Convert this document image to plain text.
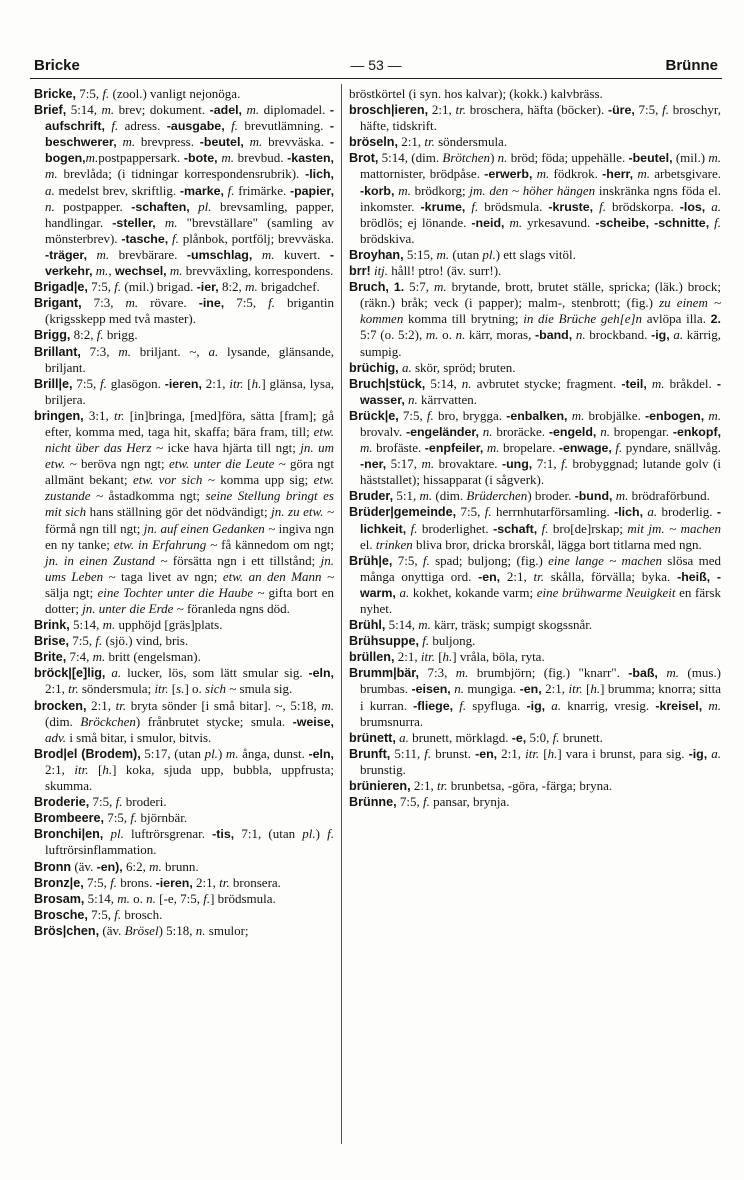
Bricke	— 53 —	Brünne

Bricke, 7:5, f. (zool.) vanligt nejonöga.

Brief, 5:14, m. brev; dokument. -adel, m. diplomadel. -aufschrift, f. adress. -ausgabe, f. brevutlämning. -beschwerer, m. brevpress. -beutel, m. brevväska. -bogen,m.postpappersark. -bote, m. brevbud. -kasten, m. brevlåda; (i tidningar korrespondensrubrik). -lich, a. medelst brev, skriftlig. -marke, f. frimärke. -papier, n. postpapper. -schaften, pl. brevsamling, papper, handlingar. -steller, m. "brevställare" (samling av mönsterbrev). -tasche, f. plånbok, portfölj; brevväska. -träger, m. brevbärare. -umschlag, m. kuvert. -verkehr, m., wechsel, m. brevväxling, korrespondens.

Brigad|e, 7:5, f. (mil.) brigad. -ier, 8:2, m. brigadchef.

Brigant, 7:3, m. rövare. -ine, 7:5, f. brigantin (krigsskepp med två master).

Brigg, 8:2, f. brigg.

Brillant, 7:3, m. briljant. ~, a. lysande, glänsande, briljant.

Brill|e, 7:5, f. glasögon. -ieren, 2:1, itr. [h.] glänsa, lysa, briljera.

bringen, 3:1, tr. [in]bringa, [med]föra, sätta [fram]; gå efter, komma med, taga hit, skaffa; bära fram, till; etw. nicht über das Herz ~ icke hava hjärta till ngt; jn. um etw. ~ beröva ngn ngt; etw. unter die Leute ~ göra ngt allmänt bekant; etw. vor sich ~ komma upp sig; etw. zustande ~ åstadkomma ngt; seine Stellung bringt es mit sich hans ställning gör det nödvändigt; jn. zu etw. ~ förmå ngn till ngt; jn. auf einen Gedanken ~ ingiva ngn en ny tanke; etw. in Erfahrung ~ få kännedom om ngt; jn. in einen Zustand ~ försätta ngn i ett tillstånd; jn. ums Leben ~ taga livet av ngn; etw. an den Mann ~ sälja ngt; eine Tochter unter die Haube ~ gifta bort en dotter; jn. unter die Erde ~ föranleda ngns död.

Brink, 5:14, m. upphöjd [gräs]plats.

Brise, 7:5, f. (sjö.) vind, bris.

Brite, 7:4, m. britt (engelsman).

bröck|[e]lig, a. lucker, lös, som lätt smular sig. -eln, 2:1, tr. söndersmula; itr. [s.] o. sich ~ smula sig.

brocken, 2:1, tr. bryta sönder [i små bitar]. ~, 5:18, m. (dim. Bröckchen) frånbrutet stycke; smula. -weise, adv. i små bitar, i smulor, bitvis.

Brod|el (Brodem), 5:17, (utan pl.) m. ånga, dunst. -eln, 2:1, itr. [h.] koka, sjuda upp, bubbla, uppfrusta; skumma.

Broderie, 7:5, f. broderi.

Brombeere, 7:5, f. björnbär.

Bronchi|en, pl. luftrörsgrenar. -tis, 7:1, (utan pl.) f. luftrörsinflammation.

Bronn (äv. -en), 6:2, m. brunn.

Bronz|e, 7:5, f. brons. -ieren, 2:1, tr. bronsera.

Brosam, 5:14, m. o. n. [-e, 7:5, f.] brödsmula.

Brosche, 7:5, f. brosch.

Brös|chen, (äv. Brösel) 5:18, n. smulor;

bröstkörtel (i syn. hos kalvar); (kokk.) kalvbräss.

brosch|ieren, 2:1, tr. broschera, häfta (böcker). -üre, 7:5, f. broschyr, häfte, tidskrift.

bröseln, 2:1, tr. söndersmula.

Brot, 5:14, (dim. Brötchen) n. bröd; föda; uppehälle. -beutel, (mil.) m. mattornister, brödpåse. -erwerb, m. födkrok. -herr, m. arbetsgivare. -korb, m. brödkorg; jm. den ~ höher hängen inskränka ngns föda el. inkomster. -krume, f. brödsmula. -kruste, f. brödskorpa. -los, a. brödlös; ej lönande. -neid, m. yrkesavund. -scheibe, -schnitte, f. brödskiva.

Broyhan, 5:15, m. (utan pl.) ett slags vitöl.

brr! itj. håll! ptro! (äv. surr!).

Bruch, 1. 5:7, m. brytande, brott, brutet ställe, spricka; (läk.) brock; (räkn.) bråk; veck (i papper); malm-, stenbrott; (fig.) zu einem ~ kommen komma till brytning; in die Brüche geh[e]n avlöpa illa. 2. 5:7 (o. 5:2), m. o. n. kärr, moras, -band, n. brockband. -ig, a. kärrig, sumpig.

brüchig, a. skör, spröd; bruten.

Bruch|stück, 5:14, n. avbrutet stycke; fragment. -teil, m. bråkdel. -wasser, n. kärrvatten.

Brück|e, 7:5, f. bro, brygga. -enbalken, m. brobjälke. -enbogen, m. brovalv. -engeländer, n. broräcke. -engeld, n. bropengar. -enkopf, m. brofäste. -enpfeiler, m. bropelare. -enwage, f. pyndare, snällvåg. -ner, 5:17, m. brovaktare. -ung, 7:1, f. brobyggnad; lutande golv (i häststallet); hissapparat (i sågverk).

Bruder, 5:1, m. (dim. Brüderchen) broder. -bund, m. brödraförbund.

Brüder|gemeinde, 7:5, f. herrnhutarförsamling. -lich, a. broderlig. -lichkeit, f. broderlighet. -schaft, f. bro[de]rskap; mit jm. ~ machen el. trinken bliva bror, dricka brorskål, lägga bort titlarna med ngn.

Brüh|e, 7:5, f. spad; buljong; (fig.) eine lange ~ machen slösa med många onyttiga ord. -en, 2:1, tr. skålla, förvälla; byka. -heiß, -warm, a. kokhet, kokande varm; eine brühwarme Neuigkeit en färsk nyhet.

Brühl, 5:14, m. kärr, träsk; sumpigt skogssnår.

Brühsuppe, f. buljong.

brüllen, 2:1, itr. [h.] vråla, böla, ryta.

Brumm|bär, 7:3, m. brumbjörn; (fig.) "knarr". -baß, m. (mus.) brumbas. -eisen, n. mungiga. -en, 2:1, itr. [h.] brumma; knorra; sitta i kurran. -fliege, f. spyfluga. -ig, a. knarrig, vresig. -kreisel, m. brumsnurra.

brünett, a. brunett, mörklagd. -e, 5:0, f. brunett.

Brunft, 5:11, f. brunst. -en, 2:1, itr. [h.] vara i brunst, para sig. -ig, a. brunstig.

brünieren, 2:1, tr. brunbetsa, -göra, -färga; bryna.

Brünne, 7:5, f. pansar, brynja.
